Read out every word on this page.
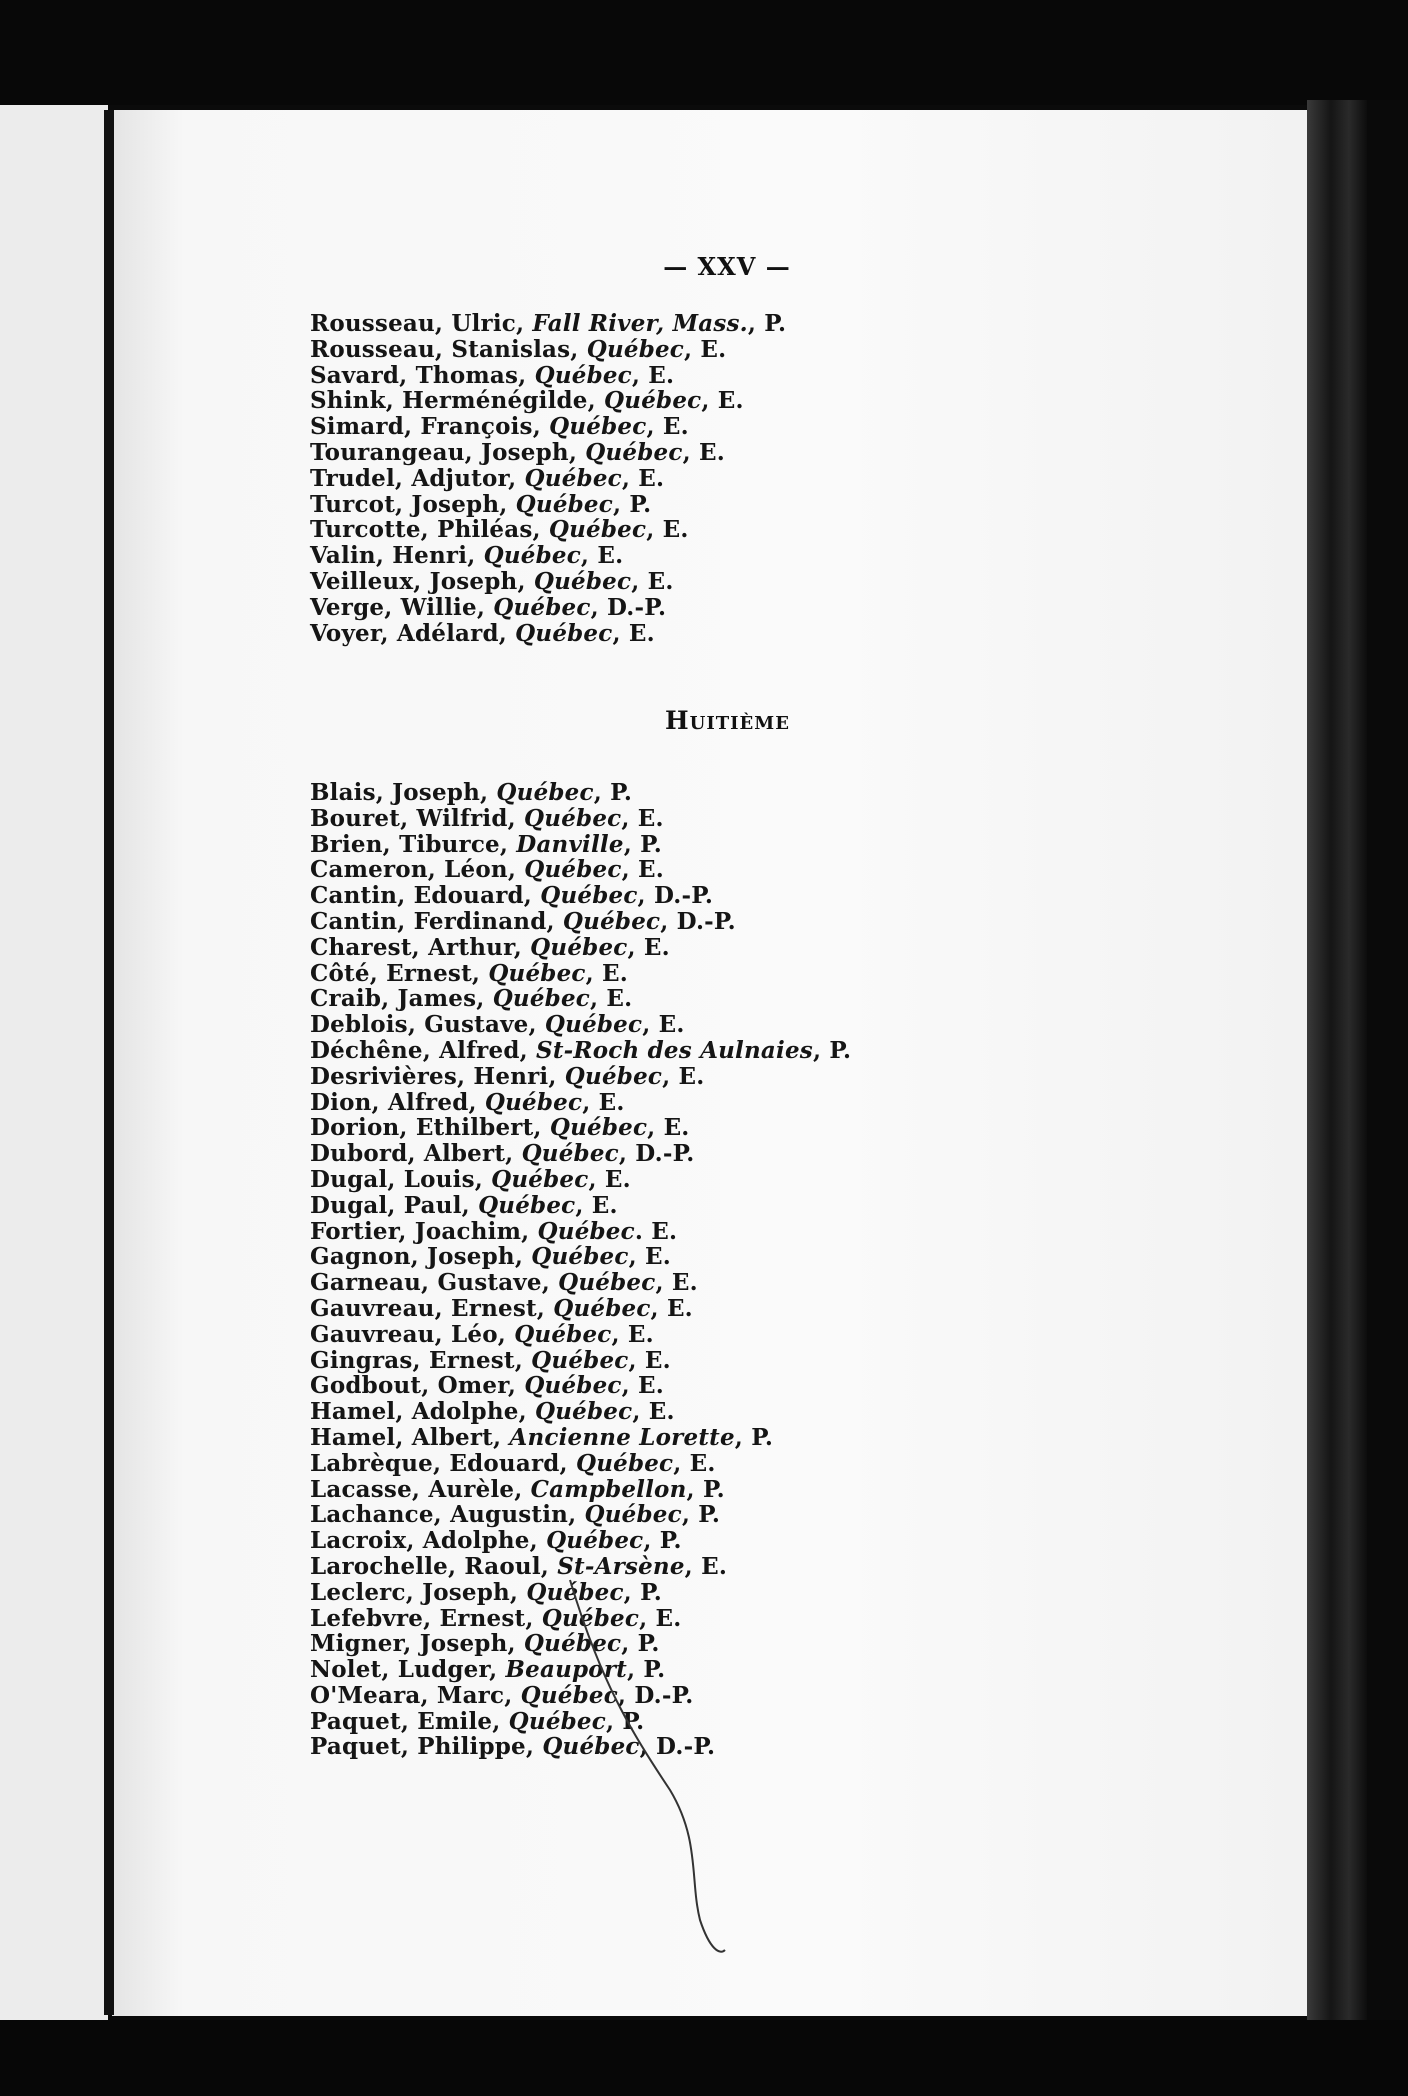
— XXV —
Rousseau, Ulric, Fall River, Mass., P.
Rousseau, Stanislas, Québec, E.
Savard, Thomas, Québec, E.
Shink, Herménégilde, Québec, E.
Simard, François, Québec, E.
Tourangeau, Joseph, Québec, E.
Trudel, Adjutor, Québec, E.
Turcot, Joseph, Québec, P.
Turcotte, Philéas, Québec, E.
Valin, Henri, Québec, E.
Veilleux, Joseph, Québec, E.
Verge, Willie, Québec, D.-P.
Voyer, Adélard, Québec, E.
Huitième
Blais, Joseph, Québec, P.
Bouret, Wilfrid, Québec, E.
Brien, Tiburce, Danville, P.
Cameron, Léon, Québec, E.
Cantin, Edouard, Québec, D.-P.
Cantin, Ferdinand, Québec, D.-P.
Charest, Arthur, Québec, E.
Côté, Ernest, Québec, E.
Craib, James, Québec, E.
Deblois, Gustave, Québec, E.
Déchêne, Alfred, St-Roch des Aulnaies, P.
Desrivières, Henri, Québec, E.
Dion, Alfred, Québec, E.
Dorion, Ethilbert, Québec, E.
Dubord, Albert, Québec, D.-P.
Dugal, Louis, Québec, E.
Dugal, Paul, Québec, E.
Fortier, Joachim, Québec. E.
Gagnon, Joseph, Québec, E.
Garneau, Gustave, Québec, E.
Gauvreau, Ernest, Québec, E.
Gauvreau, Léo, Québec, E.
Gingras, Ernest, Québec, E.
Godbout, Omer, Québec, E.
Hamel, Adolphe, Québec, E.
Hamel, Albert, Ancienne Lorette, P.
Labrèque, Edouard, Québec, E.
Lacasse, Aurèle, Campbellon, P.
Lachance, Augustin, Québec, P.
Lacroix, Adolphe, Québec, P.
Larochelle, Raoul, St-Arsène, E.
Leclerc, Joseph, Québec, P.
Lefebvre, Ernest, Québec, E.
Migner, Joseph, Québec, P.
Nolet, Ludger, Beauport, P.
O'Meara, Marc, Québec, D.-P.
Paquet, Emile, Québec, P.
Paquet, Philippe, Québec, D.-P.
